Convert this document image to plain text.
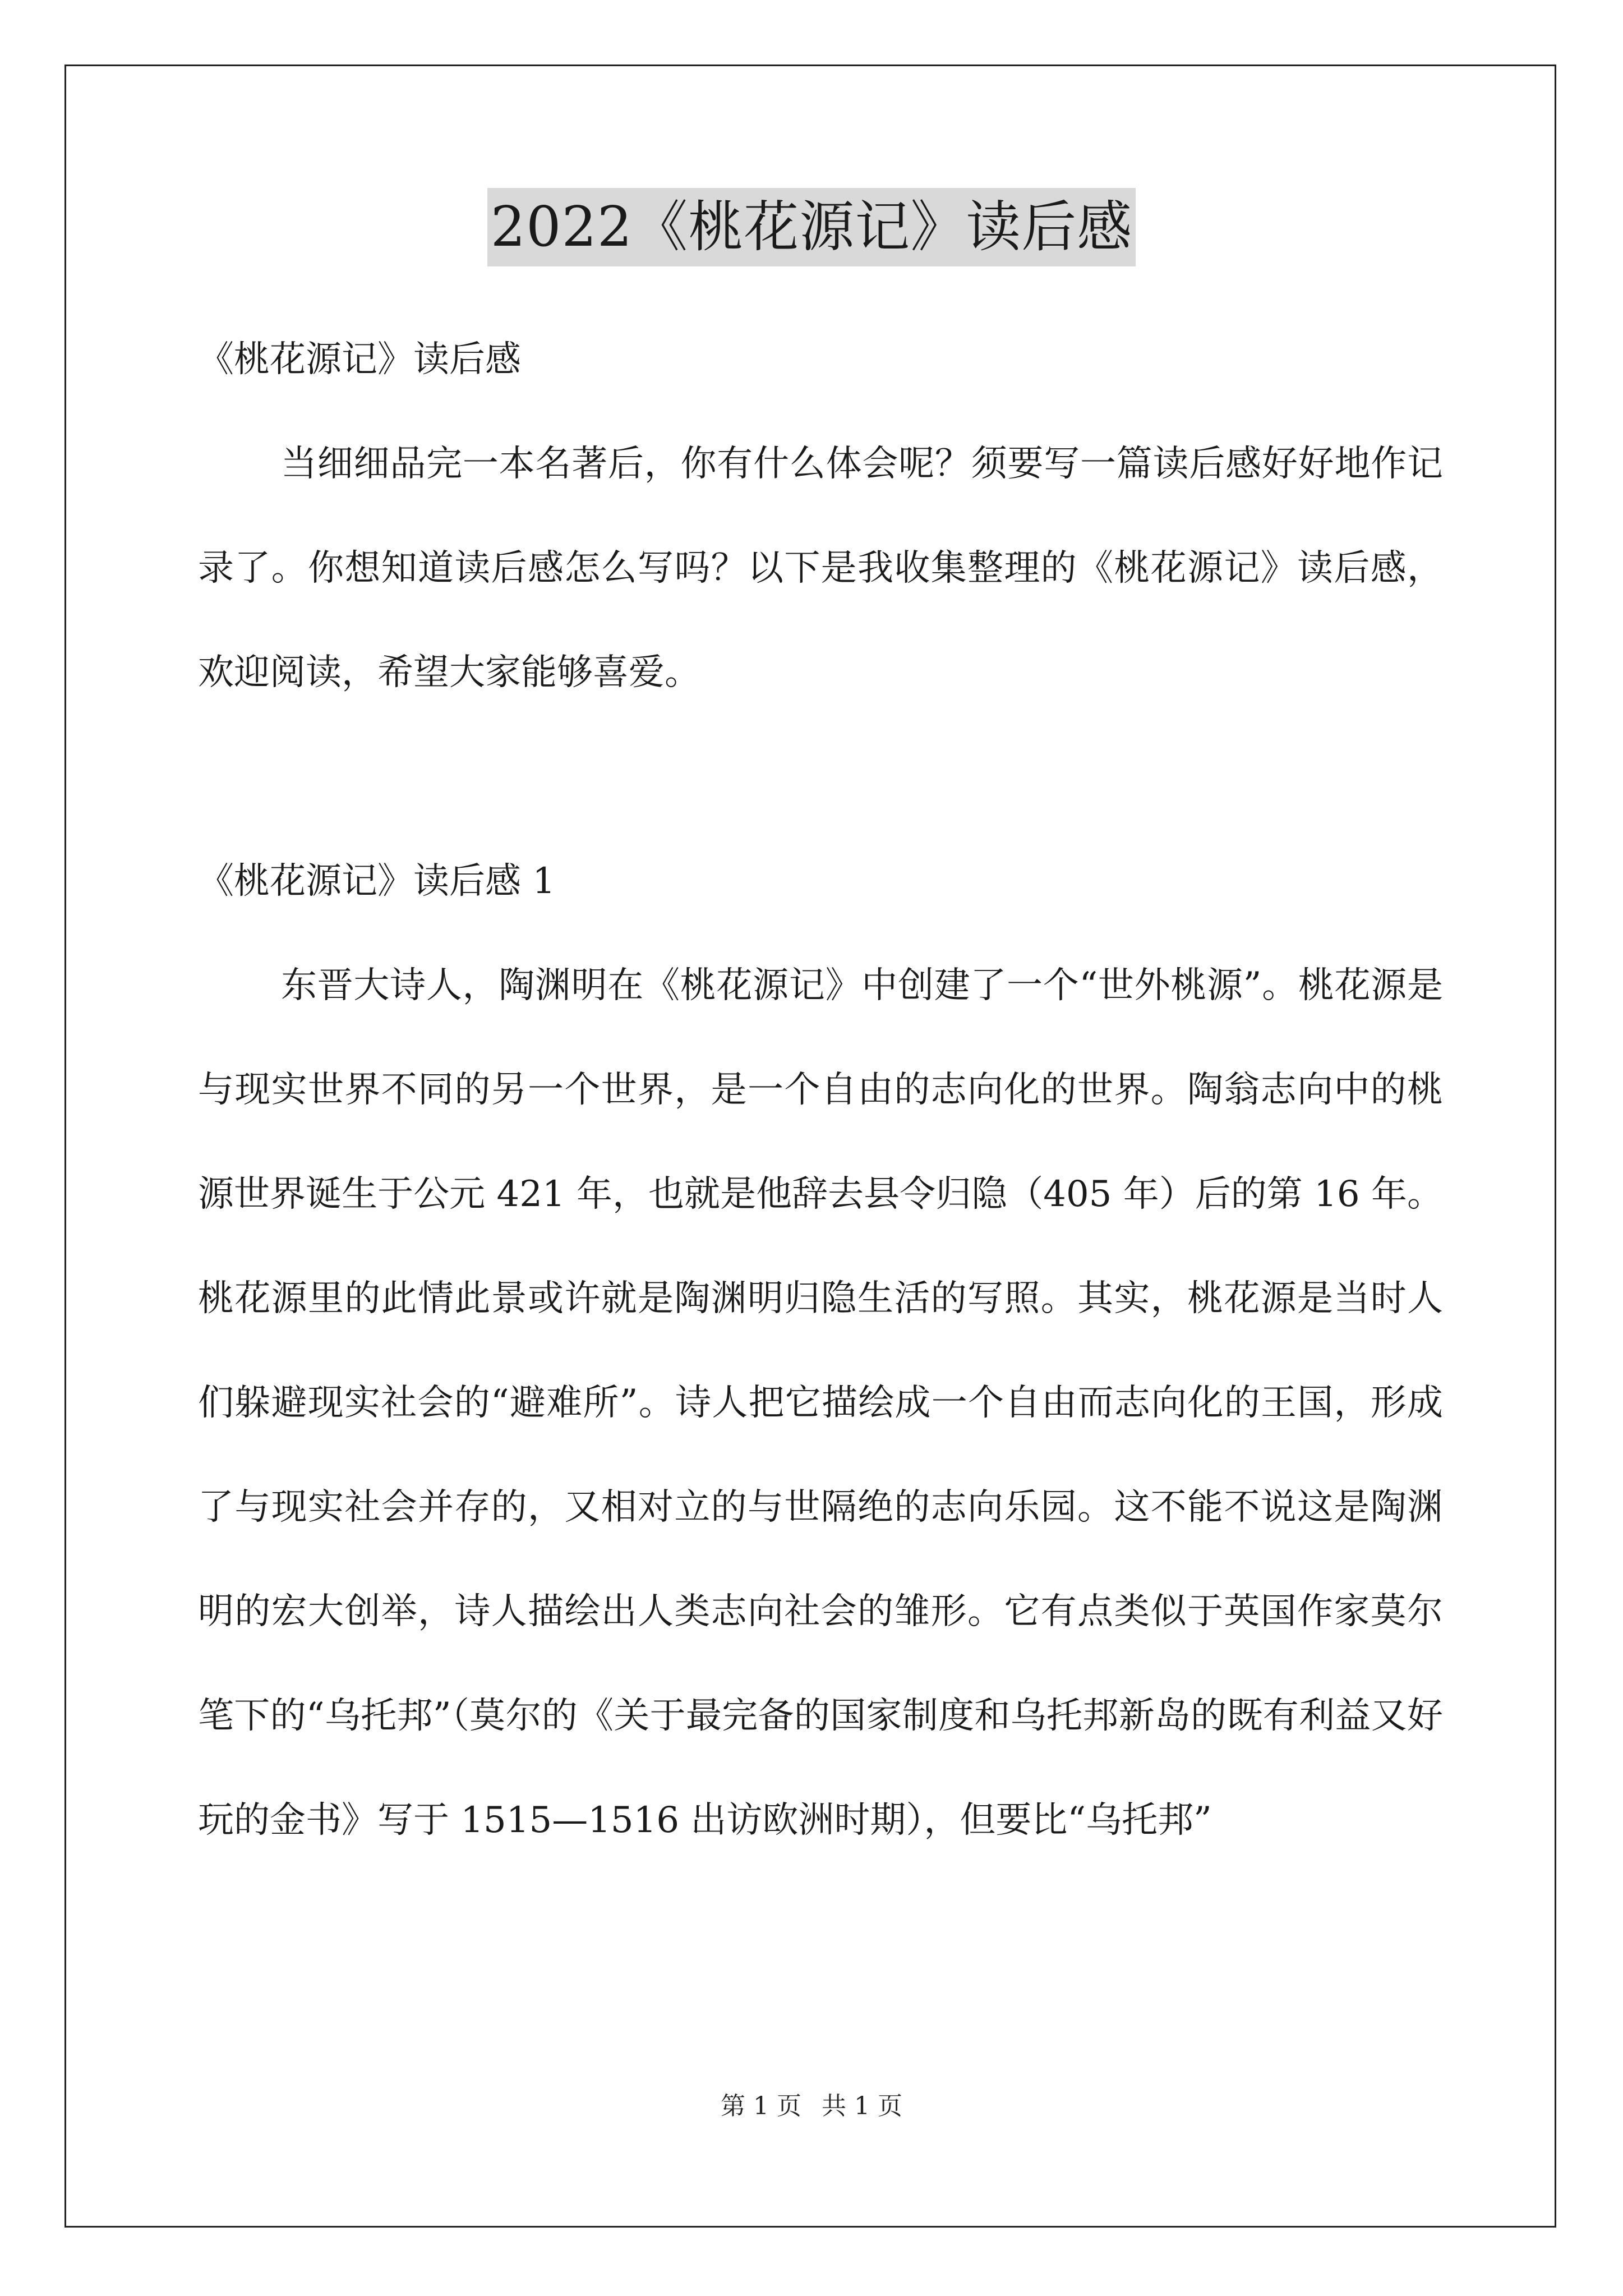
2022《桃花源记》读后感

《桃花源记》读后感

当细细品完一本名著后，你有什么体会呢？须要写一篇读后感好好地作记录了。你想知道读后感怎么写吗？以下是我收集整理的《桃花源记》读后感，欢迎阅读，希望大家能够喜爱。

《桃花源记》读后感 1

东晋大诗人，陶渊明在《桃花源记》中创建了一个“世外桃源”。桃花源是与现实世界不同的另一个世界，是一个自由的志向化的世界。陶翁志向中的桃源世界诞生于公元 421 年，也就是他辞去县令归隐（405 年）后的第 16 年。桃花源里的此情此景或许就是陶渊明归隐生活的写照。其实，桃花源是当时人们躲避现实社会的“避难所”。诗人把它描绘成一个自由而志向化的王国，形成了与现实社会并存的，又相对立的与世隔绝的志向乐园。这不能不说这是陶渊明的宏大创举，诗人描绘出人类志向社会的雏形。它有点类似于英国作家莫尔笔下的“乌托邦”（莫尔的《关于最完备的国家制度和乌托邦新岛的既有利益又好玩的金书》写于 1515—1516 出访欧洲时期），但要比“乌托邦”

第 1 页 共 1 页
